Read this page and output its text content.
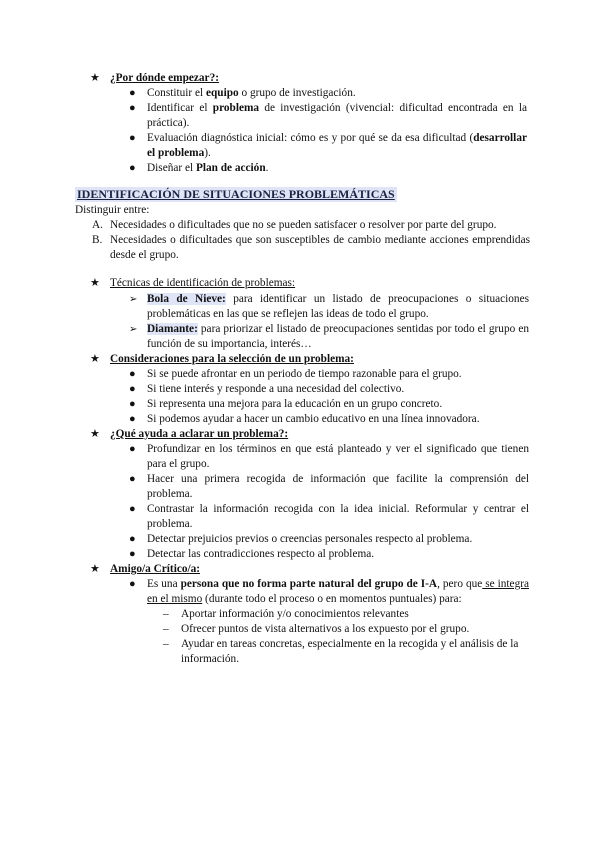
★ ¿Por dónde empezar?:
● Constituir el equipo o grupo de investigación.
● Identificar el problema de investigación (vivencial: dificultad encontrada en la práctica).
● Evaluación diagnóstica inicial: cómo es y por qué se da esa dificultad (desarrollar el problema).
● Diseñar el Plan de acción.
IDENTIFICACIÓN DE SITUACIONES PROBLEMÁTICAS
Distinguir entre:
A. Necesidades o dificultades que no se pueden satisfacer o resolver por parte del grupo.
B. Necesidades o dificultades que son susceptibles de cambio mediante acciones emprendidas desde el grupo.
★ Técnicas de identificación de problemas:
➢ Bola de Nieve: para identificar un listado de preocupaciones o situaciones problemáticas en las que se reflejen las ideas de todo el grupo.
➢ Diamante: para priorizar el listado de preocupaciones sentidas por todo el grupo en función de su importancia, interés…
★ Consideraciones para la selección de un problema:
● Si se puede afrontar en un periodo de tiempo razonable para el grupo.
● Si tiene interés y responde a una necesidad del colectivo.
● Si representa una mejora para la educación en un grupo concreto.
● Si podemos ayudar a hacer un cambio educativo en una línea innovadora.
★ ¿Qué ayuda a aclarar un problema?:
● Profundizar en los términos en que está planteado y ver el significado que tienen para el grupo.
● Hacer una primera recogida de información que facilite la comprensión del problema.
● Contrastar la información recogida con la idea inicial. Reformular y centrar el problema.
● Detectar prejuicios previos o creencias personales respecto al problema.
● Detectar las contradicciones respecto al problema.
★ Amigo/a Crítico/a:
● Es una persona que no forma parte natural del grupo de I-A, pero que se integra en el mismo (durante todo el proceso o en momentos puntuales) para:
– Aportar información y/o conocimientos relevantes
– Ofrecer puntos de vista alternativos a los expuesto por el grupo.
– Ayudar en tareas concretas, especialmente en la recogida y el análisis de la información.
